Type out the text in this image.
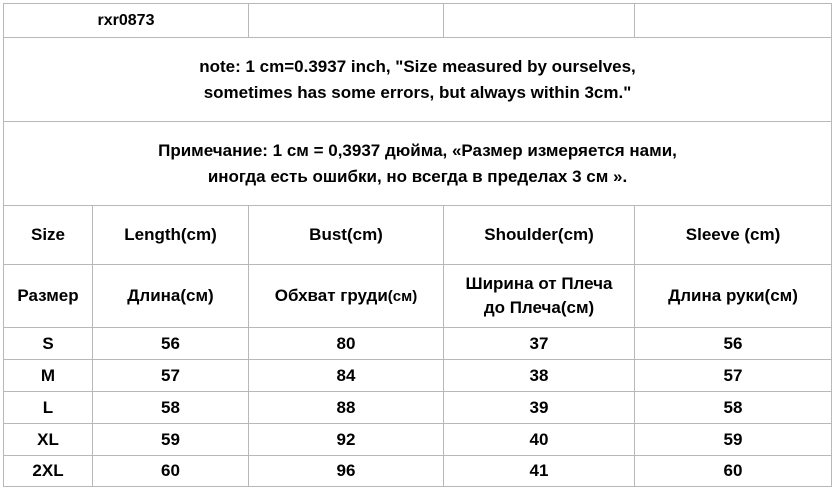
rxr0873				

note: 1 cm=0.3937 inch, "Size measured by ourselves,
sometimes has some errors, but always within 3cm."				

Примечание: 1 см = 0,3937 дюйма, «Размер измеряется нами,
иногда есть ошибки, но всегда в пределах 3 см ».				

Size	Length(cm)	Bust(cm)	Shoulder(cm)	Sleeve (cm)
Размер	Длина(см)	Обхват груди(см)	Ширина от Плеча
до Плеча(см)	Длина руки(см)
S	56	80	37	56
M	57	84	38	57
L	58	88	39	58
XL	59	92	40	59
2XL	60	96	41	60
